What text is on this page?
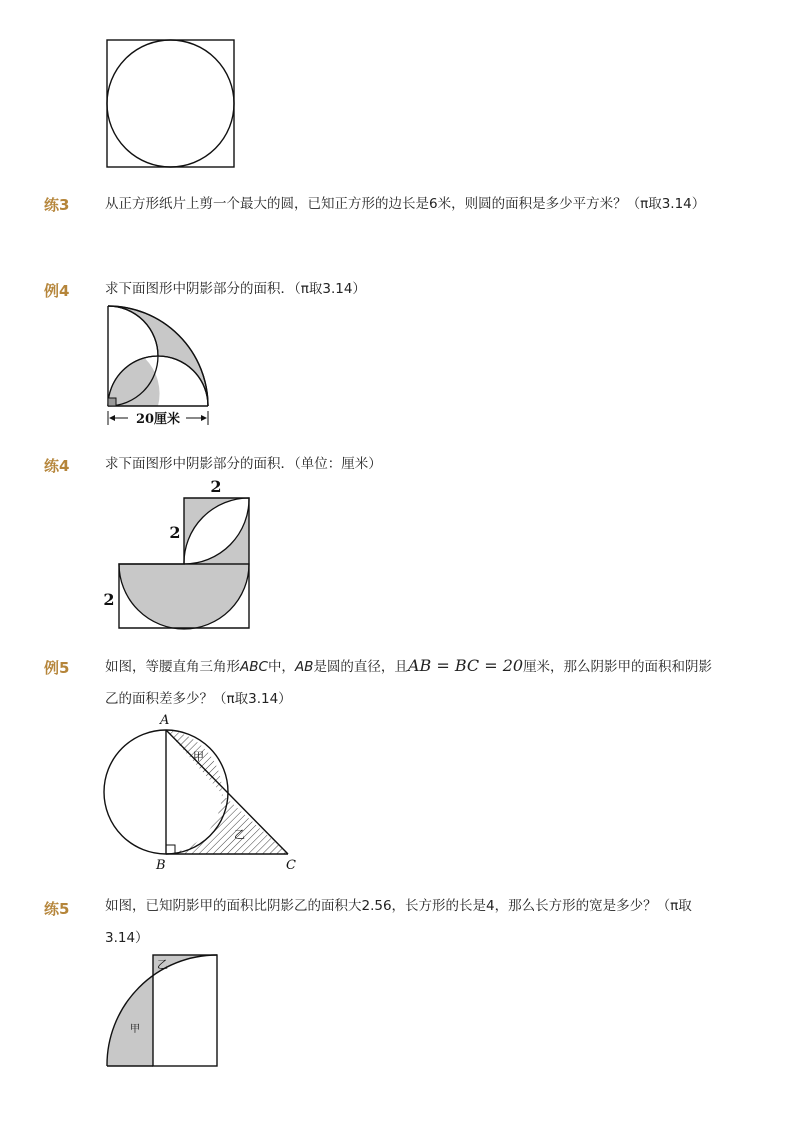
练3	从正方形纸片上剪一个最大的圆，已知正方形的边长是6米，则圆的面积是多少平方米？（π取3.14）
例4	求下面图形中阴影部分的面积．（π取3.14）
20厘米
练4	求下面图形中阴影部分的面积．（单位：厘米）
2
2
2
例5	如图，等腰直角三角形ABC中，AB是圆的直径，且AB = BC = 20厘米，那么阴影甲的面积和阴影乙的面积差多少？（π取3.14）
A
B	C
甲
乙
练5	如图，已知阴影甲的面积比阴影乙的面积大2.56，长方形的长是4，那么长方形的宽是多少？（π取3.14）
乙
甲
